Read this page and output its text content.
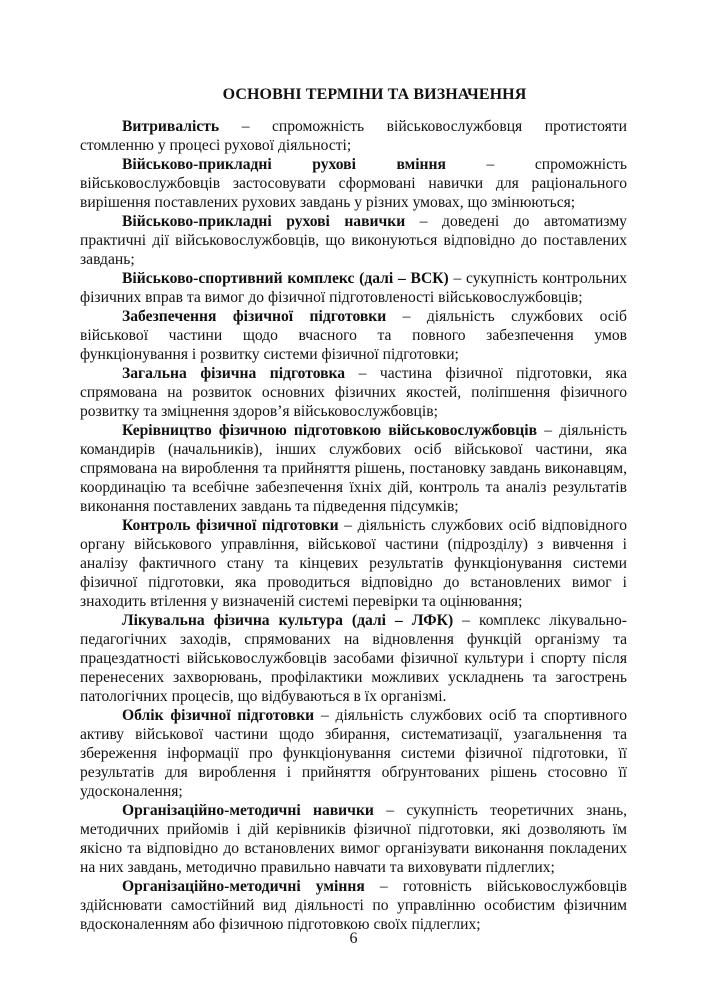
ОСНОВНІ ТЕРМІНИ ТА ВИЗНАЧЕННЯ
Витривалість – спроможність військовослужбовця протистояти
стомленню у процесі рухової діяльності;
Військово-прикладні рухові вміння	– спроможність
військовослужбовців застосовувати сформовані навички для раціонального
вирішення поставлених рухових завдань у різних умовах, що змінюються;
Військово-прикладні рухові навички – доведені до автоматизму
практичні дії військовослужбовців, що виконуються відповідно до поставлених
завдань;
Військово-спортивний комплекс (далі – ВСК) – сукупність контрольних
фізичних вправ та вимог до фізичної підготовленості військовослужбовців;
Забезпечення фізичної підготовки – діяльність службових осіб
військової частини щодо вчасного та повного забезпечення умов
функціонування і розвитку системи фізичної підготовки;
Загальна фізична підготовка – частина фізичної підготовки, яка
спрямована на розвиток основних фізичних якостей, поліпшення фізичного
розвитку та зміцнення здоров’я військовослужбовців;
Керівництво фізичною підготовкою військовослужбовців – діяльність
командирів (начальників), інших службових осіб військової частини, яка
спрямована на вироблення та прийняття рішень, постановку завдань виконавцям,
координацію та всебічне забезпечення їхніх дій, контроль та аналіз результатів
виконання поставлених завдань та підведення підсумків;
Контроль фізичної підготовки – діяльність службових осіб відповідного
органу військового управління, військової частини (підрозділу) з вивчення і
аналізу фактичного стану та кінцевих результатів функціонування системи
фізичної підготовки, яка проводиться відповідно до встановлених вимог і
знаходить втілення у визначеній системі перевірки та оцінювання;
Лікувальна фізична культура (далі – ЛФК) – комплекс лікувально-
педагогічних заходів, спрямованих на відновлення функцій організму та
працездатності військовослужбовців засобами фізичної культури і спорту після
перенесених захворювань, профілактики можливих ускладнень та загострень
патологічних процесів, що відбуваються в їх організмі.
Облік фізичної підготовки – діяльність службових осіб та спортивного
активу військової частини щодо збирання, систематизації, узагальнення та
збереження інформації про функціонування системи фізичної підготовки, її
результатів для вироблення і прийняття обґрунтованих рішень стосовно її
удосконалення;
Організаційно-методичні навички – сукупність теоретичних знань,
методичних прийомів і дій керівників фізичної підготовки, які дозволяють їм
якісно та відповідно до встановлених вимог організувати виконання покладених
на них завдань, методично правильно навчати та виховувати підлеглих;
Організаційно-методичні уміння – готовність військовослужбовців
здійснювати самостійний вид діяльності по управлінню особистим фізичним
вдосконаленням або фізичною підготовкою своїх підлеглих;
6
